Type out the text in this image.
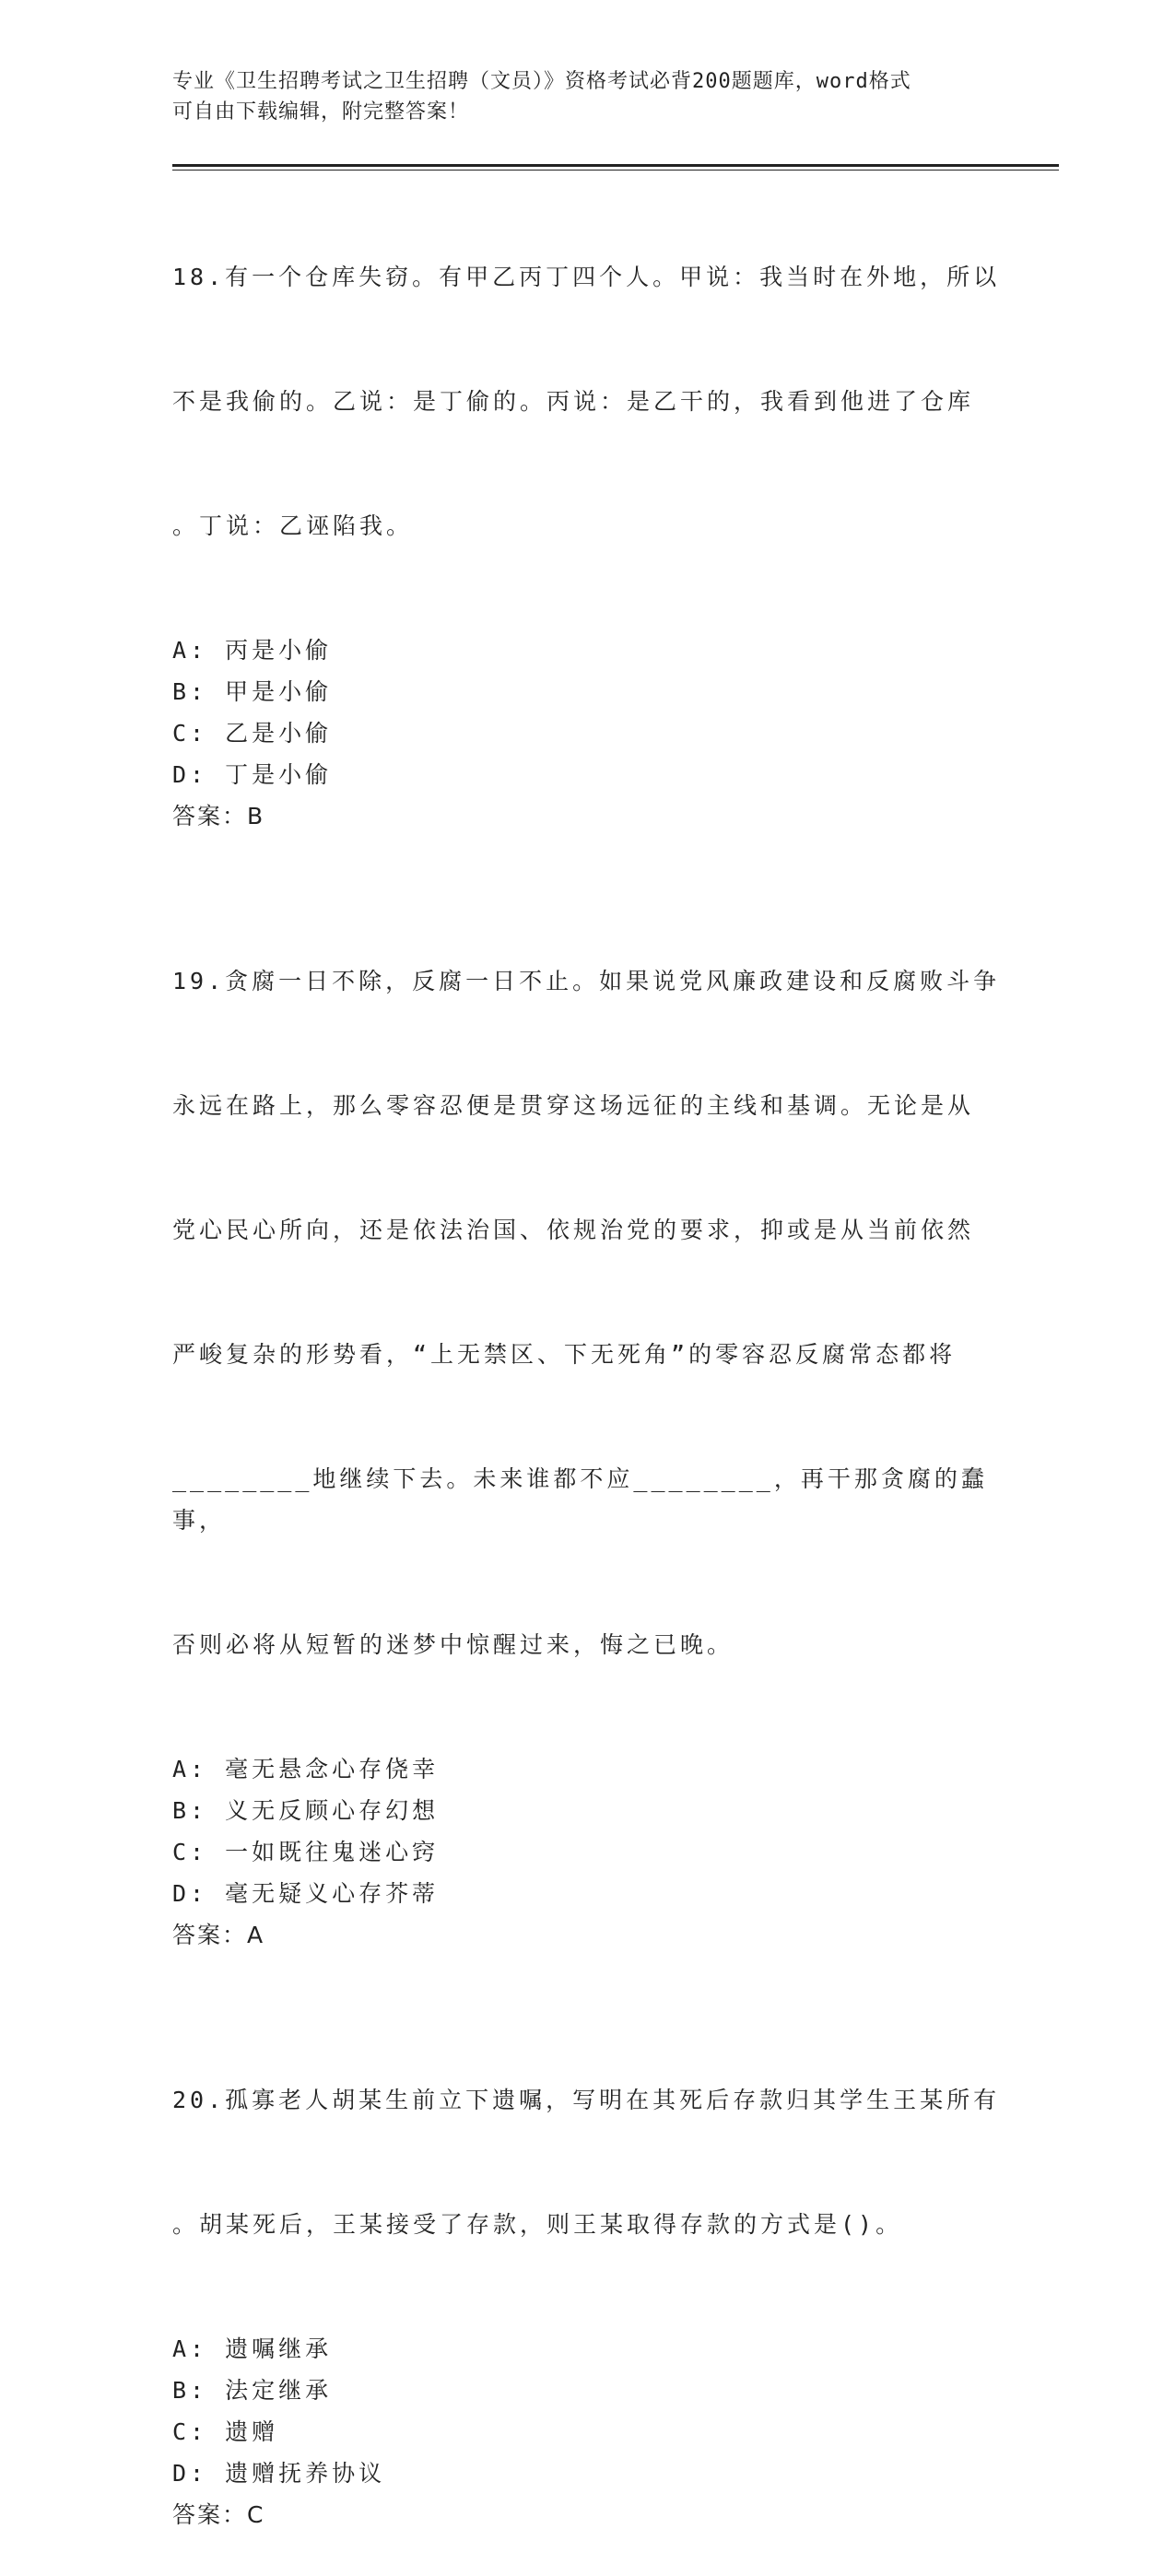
专业《卫生招聘考试之卫生招聘（文员）》资格考试必背200题题库，word格式
可自由下载编辑，附完整答案！

18.有一个仓库失窃。有甲乙丙丁四个人。甲说：我当时在外地，所以

不是我偷的。乙说：是丁偷的。丙说：是乙干的，我看到他进了仓库

。丁说：乙诬陷我。

A: 丙是小偷
B: 甲是小偷
C: 乙是小偷
D: 丁是小偷
答案：B

19.贪腐一日不除，反腐一日不止。如果说党风廉政建设和反腐败斗争

永远在路上，那么零容忍便是贯穿这场远征的主线和基调。无论是从

党心民心所向，还是依法治国、依规治党的要求，抑或是从当前依然

严峻复杂的形势看，“上无禁区、下无死角”的零容忍反腐常态都将

________地继续下去。未来谁都不应________，再干那贪腐的蠢事，

否则必将从短暂的迷梦中惊醒过来，悔之已晚。

A: 毫无悬念心存侥幸
B: 义无反顾心存幻想
C: 一如既往鬼迷心窍
D: 毫无疑义心存芥蒂
答案：A

20.孤寡老人胡某生前立下遗嘱，写明在其死后存款归其学生王某所有

。胡某死后，王某接受了存款，则王某取得存款的方式是()。

A: 遗嘱继承
B: 法定继承
C: 遗赠
D: 遗赠抚养协议
答案：C
